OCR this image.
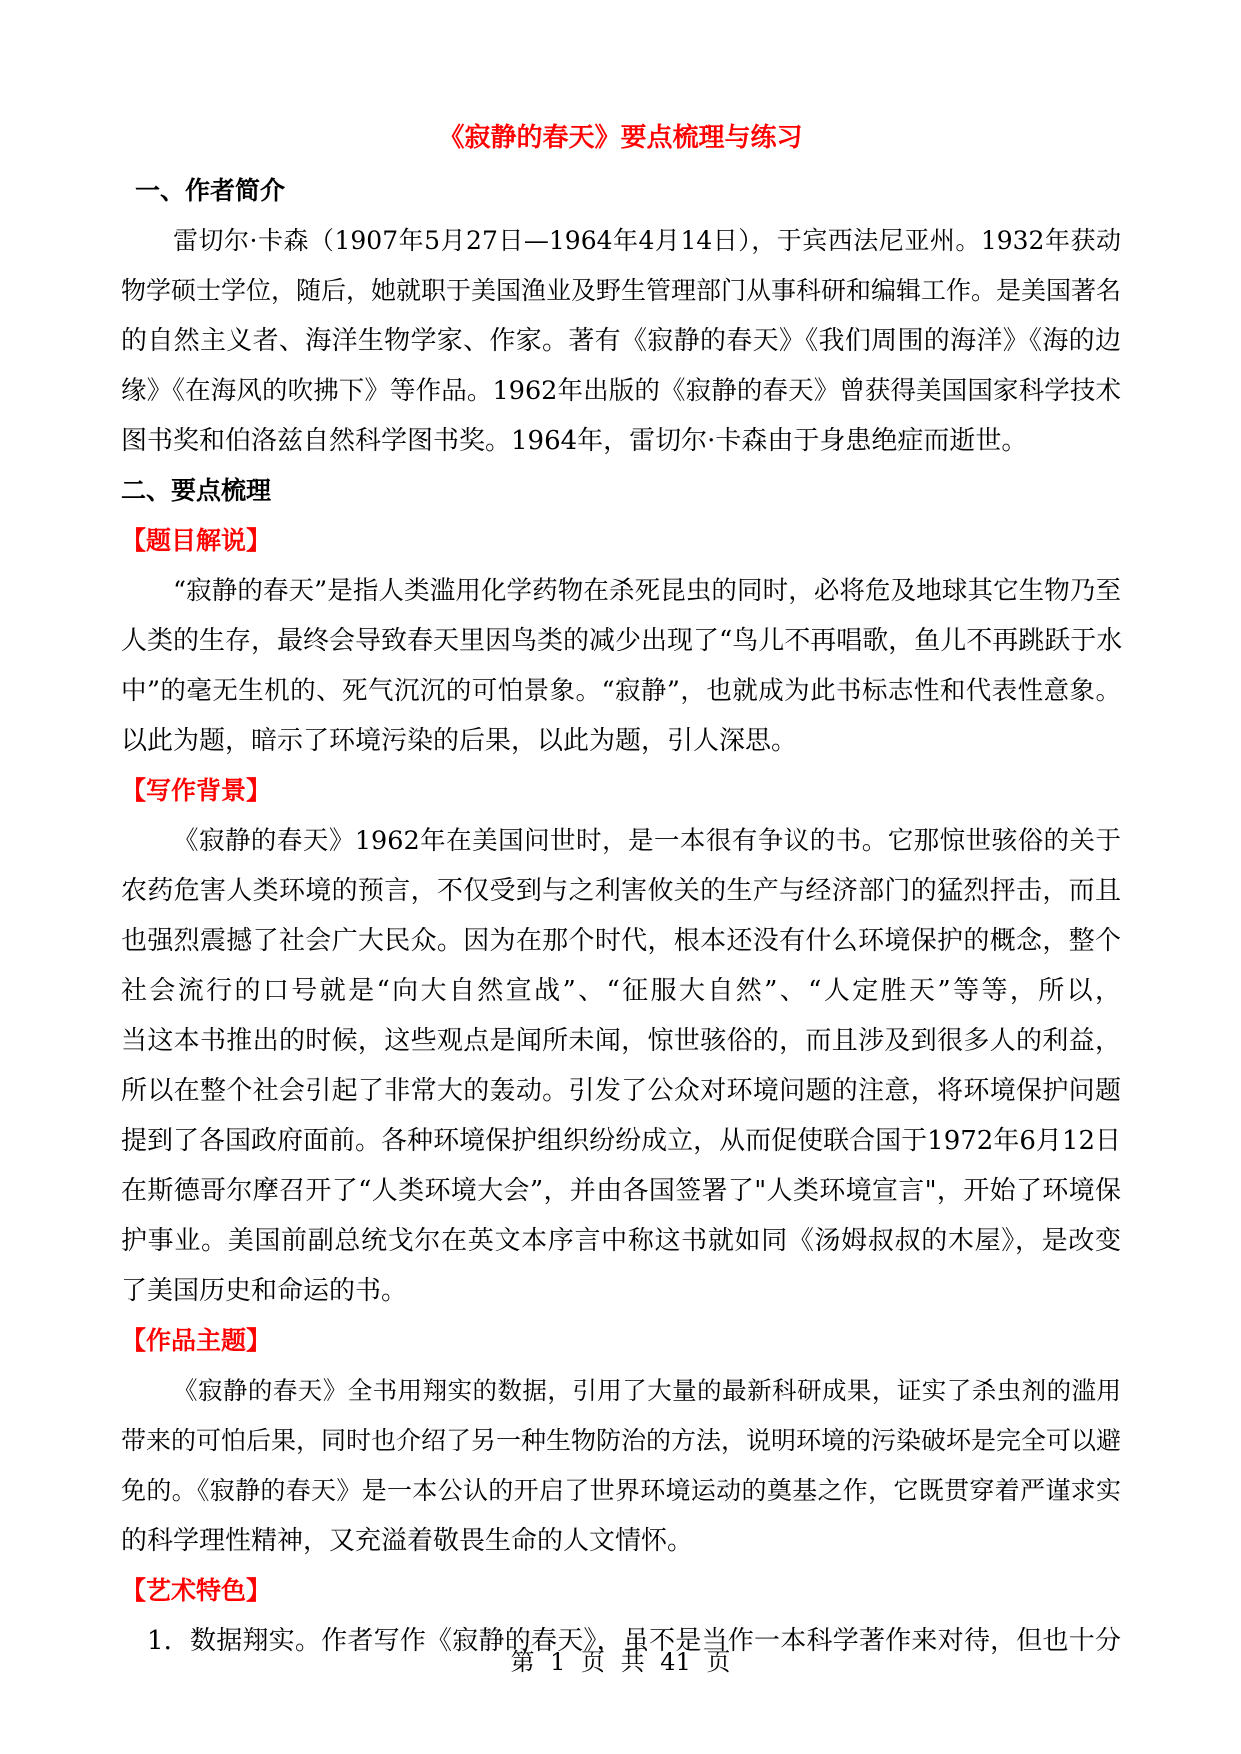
《寂静的春天》要点梳理与练习
一、作者简介
雷切尔·卡森（1907年5月27日—1964年4月14日），于宾西法尼亚州。1932年获动
物学硕士学位，随后，她就职于美国渔业及野生管理部门从事科研和编辑工作。是美国著名
的自然主义者、海洋生物学家、作家。著有《寂静的春天》《我们周围的海洋》《海的边
缘》《在海风的吹拂下》等作品。1962年出版的《寂静的春天》曾获得美国国家科学技术
图书奖和伯洛兹自然科学图书奖。1964年，雷切尔·卡森由于身患绝症而逝世。
二、要点梳理
【题目解说】
“寂静的春天”是指人类滥用化学药物在杀死昆虫的同时，必将危及地球其它生物乃至
人类的生存，最终会导致春天里因鸟类的减少出现了“鸟儿不再唱歌，鱼儿不再跳跃于水
中”的毫无生机的、死气沉沉的可怕景象。“寂静”，也就成为此书标志性和代表性意象。
以此为题，暗示了环境污染的后果，以此为题，引人深思。
【写作背景】
《寂静的春天》1962年在美国问世时，是一本很有争议的书。它那惊世骇俗的关于
农药危害人类环境的预言，不仅受到与之利害攸关的生产与经济部门的猛烈抨击，而且
也强烈震撼了社会广大民众。因为在那个时代，根本还没有什么环境保护的概念，整个
社会流行的口号就是“向大自然宣战”、“征服大自然”、“人定胜天”等等，所以，
当这本书推出的时候，这些观点是闻所未闻，惊世骇俗的，而且涉及到很多人的利益，
所以在整个社会引起了非常大的轰动。引发了公众对环境问题的注意，将环境保护问题
提到了各国政府面前。各种环境保护组织纷纷成立，从而促使联合国于1972年6月12日
在斯德哥尔摩召开了“人类环境大会”，并由各国签署了"人类环境宣言"，开始了环境保
护事业。美国前副总统戈尔在英文本序言中称这书就如同《汤姆叔叔的木屋》，是改变
了美国历史和命运的书。
【作品主题】
《寂静的春天》全书用翔实的数据，引用了大量的最新科研成果，证实了杀虫剂的滥用
带来的可怕后果，同时也介绍了另一种生物防治的方法，说明环境的污染破坏是完全可以避
免的。《寂静的春天》是一本公认的开启了世界环境运动的奠基之作，它既贯穿着严谨求实
的科学理性精神，又充溢着敬畏生命的人文情怀。
【艺术特色】
1．数据翔实。作者写作《寂静的春天》，虽不是当作一本科学著作来对待，但也十分
第 1 页 共 41 页
